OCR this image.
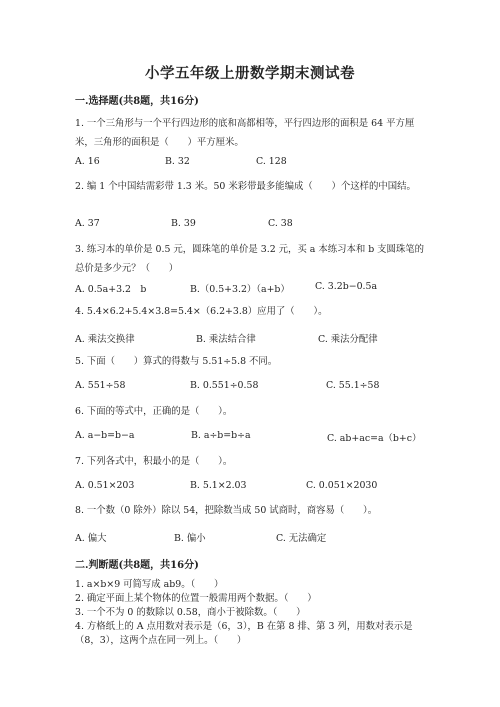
小学五年级上册数学期末测试卷
一.选择题(共8题，共16分)
1. 一个三角形与一个平行四边形的底和高都相等，平行四边形的面积是 64 平方厘米，三角形的面积是（　　）平方厘米。
A. 16	B. 32	C. 128
2. 编 1 个中国结需彩带 1.3 米。50 米彩带最多能编成（　　）个这样的中国结。
A. 37	B. 39	C. 38
3. 练习本的单价是 0.5 元，圆珠笔的单价是 3.2 元，买 a 本练习本和 b 支圆珠笔的总价是多少元？（　　）
A. 0.5a+3.2　b	B.（0.5+3.2）（a+b）	C. 3.2b−0.5a
4. 5.4×6.2+5.4×3.8=5.4×（6.2+3.8）应用了（　　）。
A. 乘法交换律	B. 乘法结合律	C. 乘法分配律
5. 下面（　　）算式的得数与 5.51÷5.8 不同。
A. 551÷58	B. 0.551÷0.58	C. 55.1÷58
6. 下面的等式中，正确的是（　　）。
A. a−b=b−a	B. a÷b=b÷a	C. ab+ac=a（b+c）
7. 下列各式中，积最小的是（　　）。
A. 0.51×203	B. 5.1×2.03	C. 0.051×2030
8. 一个数（0 除外）除以 54，把除数当成 50 试商时，商容易（　　）。
A. 偏大	B. 偏小	C. 无法确定
二.判断题(共8题，共16分)
1. a×b×9 可简写成 ab9。（　　）
2. 确定平面上某个物体的位置一般需用两个数据。（　　）
3. 一个不为 0 的数除以 0.58，商小于被除数。（　　）
4. 方格纸上的 A 点用数对表示是（6，3），B 在第 8 排、第 3 列，用数对表示是（8，3），这两个点在同一列上。（　　）
